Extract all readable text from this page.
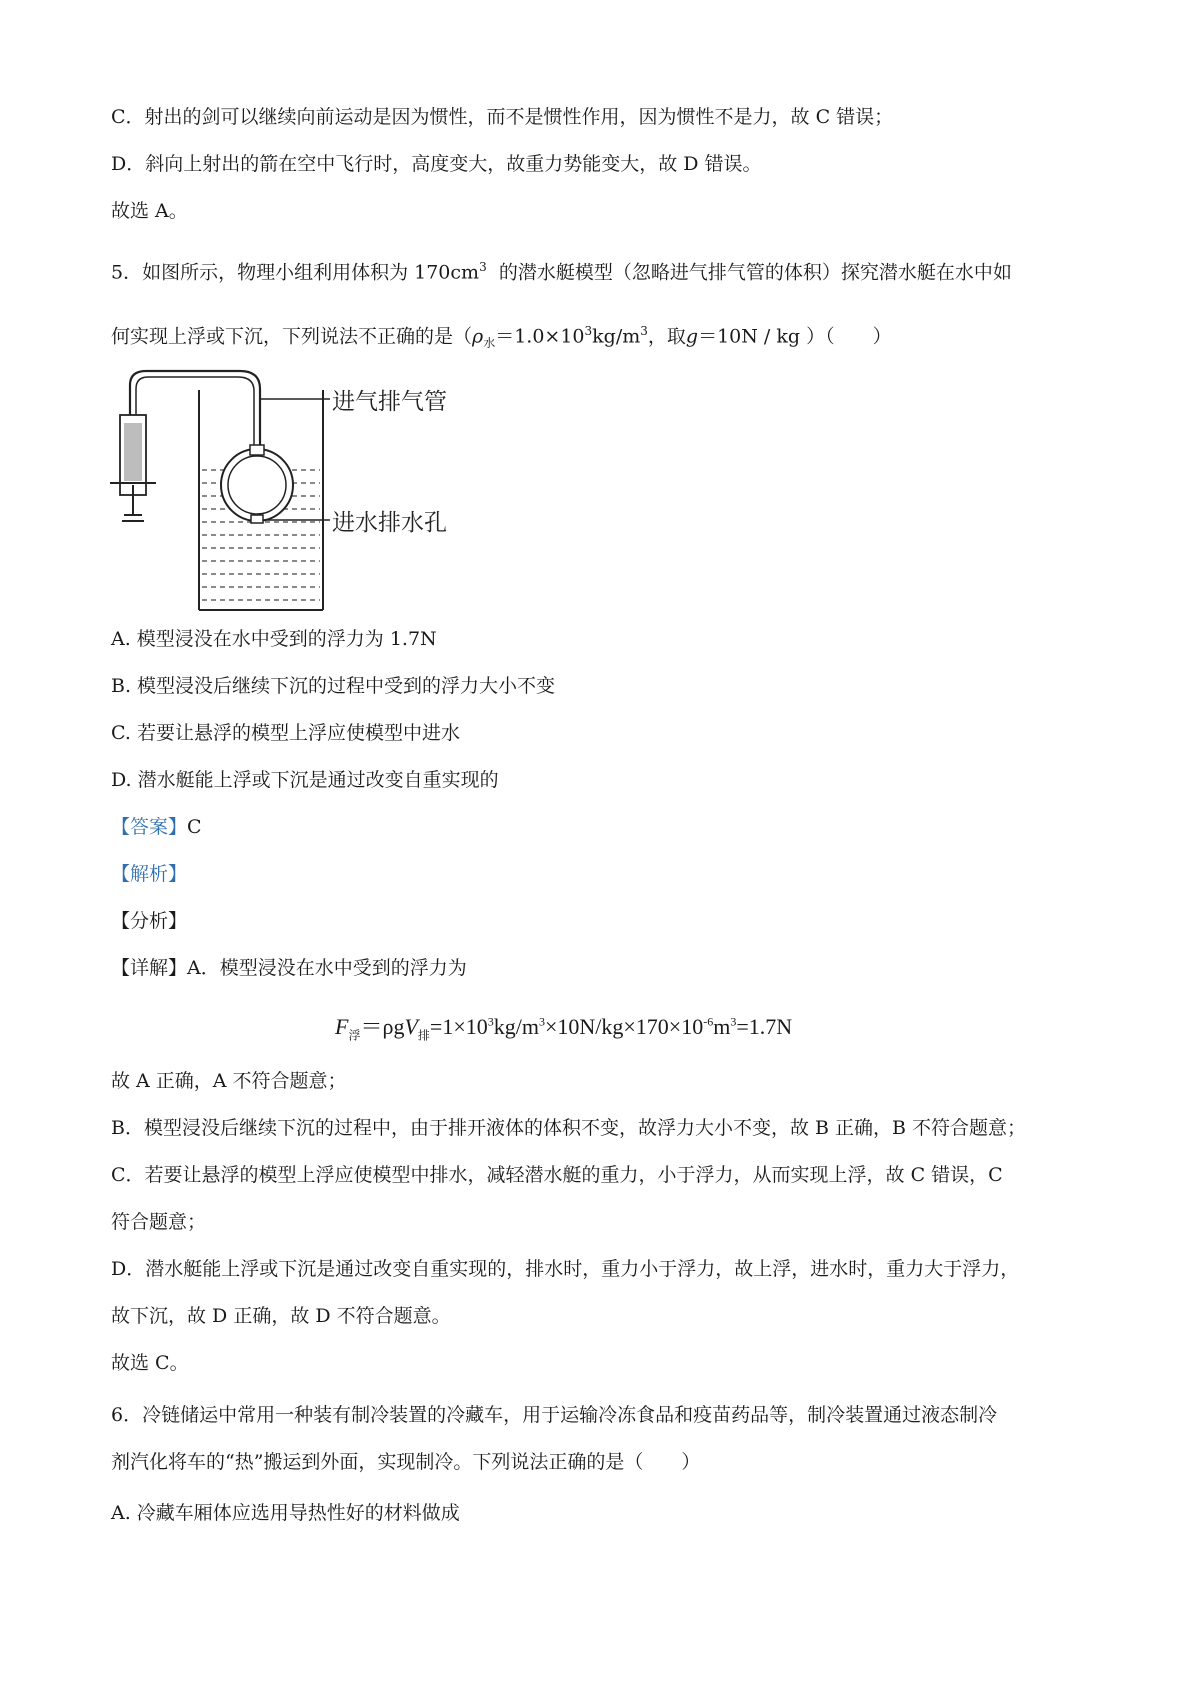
C．射出的剑可以继续向前运动是因为惯性，而不是惯性作用，因为惯性不是力，故 C 错误；
D．斜向上射出的箭在空中飞行时，高度变大，故重力势能变大，故 D 错误。
故选 A。
5．如图所示，物理小组利用体积为 $170cm^3$ 的潜水艇模型（忽略进气排气管的体积）探究潜水艇在水中如
何实现上浮或下沉，下列说法不正确的是（$\rho_水=1.0\times 10^3kg/m^3$，取g＝10N / kg ）（　　）
进气排气管
进水排水孔
A. 模型浸没在水中受到的浮力为 1.7N
B. 模型浸没后继续下沉的过程中受到的浮力大小不变
C. 若要让悬浮的模型上浮应使模型中进水
D. 潜水艇能上浮或下沉是通过改变自重实现的
【答案】C
【解析】
【分析】
【详解】A．模型浸没在水中受到的浮力为
$F_浮=\rho gV_排=1\times 10^3kg/m^3\times 10N/kg\times 170\times 10^{-6}m^3=1.7N$
故 A 正确，A 不符合题意；
B．模型浸没后继续下沉的过程中，由于排开液体的体积不变，故浮力大小不变，故 B 正确，B 不符合题意；
C．若要让悬浮的模型上浮应使模型中排水，减轻潜水艇的重力，小于浮力，从而实现上浮，故 C 错误，C
符合题意；
D．潜水艇能上浮或下沉是通过改变自重实现的，排水时，重力小于浮力，故上浮，进水时，重力大于浮力，
故下沉，故 D 正确，故 D 不符合题意。
故选 C。
6．冷链储运中常用一种装有制冷装置的冷藏车，用于运输冷冻食品和疫苗药品等，制冷装置通过液态制冷
剂汽化将车的“热”搬运到外面，实现制冷。下列说法正确的是（　　）
A. 冷藏车厢体应选用导热性好的材料做成
